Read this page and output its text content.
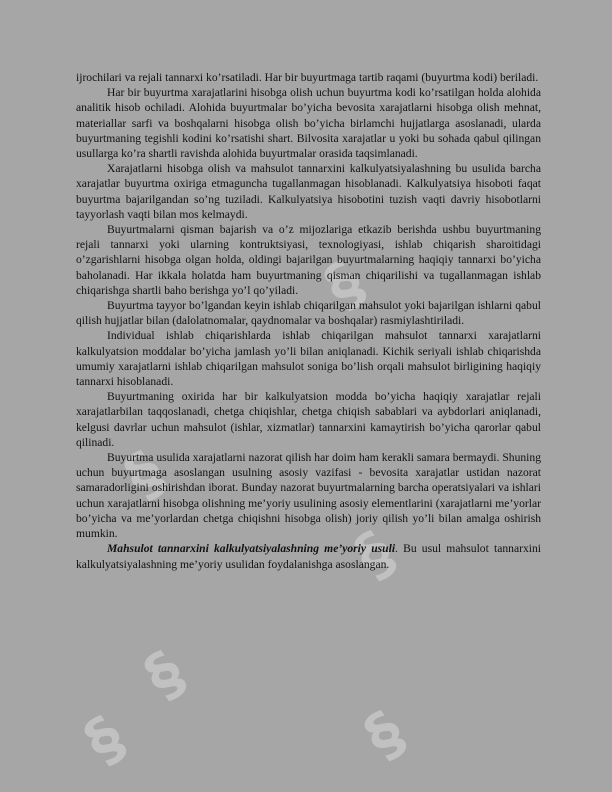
§
§
§
§
§	§

ijrochilari va rejali tannarxi ko’rsatiladi. Har bir buyurtmaga tartib raqami (buyurtma kodi) beriladi.

Har bir buyurtma xarajatlarini hisobga olish uchun buyurtma kodi ko’rsatilgan holda alohida analitik hisob ochiladi. Alohida buyurtmalar bo’yicha bevosita xarajatlarni hisobga olish mehnat, materiallar sarfi va boshqalarni hisobga olish bo’yicha birlamchi hujjatlarga asoslanadi, ularda buyurtmaning tegishli kodini ko’rsatishi shart. Bilvosita xarajatlar u yoki bu sohada qabul qilingan usullarga ko’ra shartli ravishda alohida buyurtmalar orasida taqsimlanadi.

Xarajatlarni hisobga olish va mahsulot tannarxini kalkulyatsiyalashning bu usulida barcha xarajatlar buyurtma oxiriga etmaguncha tugallanmagan hisoblanadi. Kalkulyatsiya hisoboti faqat buyurtma bajarilgandan so’ng tuziladi. Kalkulyatsiya hisobotini tuzish vaqti davriy hisobotlarni tayyorlash vaqti bilan mos kelmaydi.

Buyurtmalarni qisman bajarish va o’z mijozlariga etkazib berishda ushbu buyurtmaning rejali tannarxi yoki ularning kontruktsiyasi, texnologiyasi, ishlab chiqarish sharoitidagi o’zgarishlarni hisobga olgan holda, oldingi bajarilgan buyurtmalarning haqiqiy tannarxi bo’yicha baholanadi. Har ikkala holatda ham buyurtmaning qisman chiqarilishi va tugallanmagan ishlab chiqarishga shartli baho berishga yo’l qo’yiladi.

Buyurtma tayyor bo’lgandan keyin ishlab chiqarilgan mahsulot yoki bajarilgan ishlarni qabul qilish hujjatlar bilan (dalolatnomalar, qaydnomalar va boshqalar) rasmiylashtiriladi.

Individual ishlab chiqarishlarda ishlab chiqarilgan mahsulot tannarxi xarajatlarni kalkulyatsion moddalar bo’yicha jamlash yo’li bilan aniqlanadi. Kichik seriyali ishlab chiqarishda umumiy xarajatlarni ishlab chiqarilgan mahsulot soniga bo’lish orqali mahsulot birligining haqiqiy tannarxi hisoblanadi.

Buyurtmaning oxirida har bir kalkulyatsion modda bo’yicha haqiqiy xarajatlar rejali xarajatlarbilan taqqoslanadi, chetga chiqishlar, chetga chiqish sabablari va aybdorlari aniqlanadi, kelgusi davrlar uchun mahsulot (ishlar, xizmatlar) tannarxini kamaytirish bo’yicha qarorlar qabul qilinadi.

Buyurtma usulida xarajatlarni nazorat qilish har doim ham kerakli samara bermaydi. Shuning uchun buyurtmaga asoslangan usulning asosiy vazifasi - bevosita xarajatlar ustidan nazorat samaradorligini oshirishdan iborat. Bunday nazorat buyurtmalarning barcha operatsiyalari va ishlari uchun xarajatlarni hisobga olishning me’yoriy usulining asosiy elementlarini (xarajatlarni me’yorlar bo’yicha va me’yorlardan chetga chiqishni hisobga olish) joriy qilish yo’li bilan amalga oshirish mumkin.

Mahsulot tannarxini kalkulyatsiyalashning me’yoriy usuli. Bu usul mahsulot tannarxini kalkulyatsiyalashning me’yoriy usulidan foydalanishga asoslangan.
